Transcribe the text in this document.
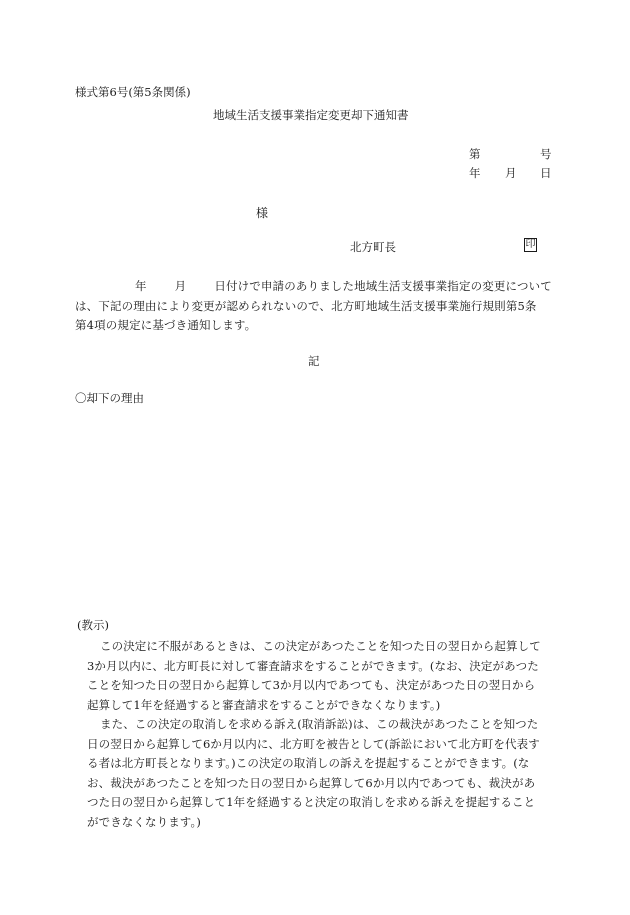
様式第6号(第5条関係)
地域生活支援事業指定変更却下通知書
第	号
年 月 日
様
北方町長	印
年 月 日付けで申請のありました地域生活支援事業指定の変更について
は、下記の理由により変更が認められないので、北方町地域生活支援事業施行規則第5条
第4項の規定に基づき通知します。
記
〇却下の理由
(教示)
この決定に不服があるときは、この決定があつたことを知つた日の翌日から起算して
3か月以内に、北方町長に対して審査請求をすることができます。(なお、決定があつた
ことを知つた日の翌日から起算して3か月以内であつても、決定があつた日の翌日から
起算して1年を経過すると審査請求をすることができなくなります。)
また、この決定の取消しを求める訴え(取消訴訟)は、この裁決があつたことを知つた
日の翌日から起算して6か月以内に、北方町を被告として(訴訟において北方町を代表す
る者は北方町長となります。)この決定の取消しの訴えを提起することができます。(な
お、裁決があつたことを知つた日の翌日から起算して6か月以内であつても、裁決があ
つた日の翌日から起算して1年を経過すると決定の取消しを求める訴えを提起すること
ができなくなります。)
